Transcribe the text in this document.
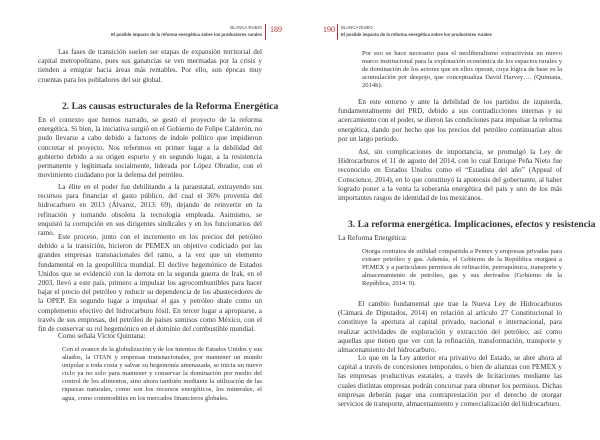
BLANCA RUBIO
El posible impacto de la reforma energética sobre los productores rurales
189

Las fases de transición suelen ser etapas de expansión territorial del capital metropolitano, pues sus ganancias se ven mermadas por la crisis y tienden a emigrar hacia áreas más rentables. Por ello, son épocas muy cruentas para los pobladores del sur global.

2. Las causas estructurales de la Reforma Energética

En el contexto que hemos narrado, se gestó el proyecto de la reforma energética. Si bien, la iniciativa surgió en el Gobierno de Felipe Calderón, no pudo llevarse a cabo debido a factores de índole político que impidieron concretar el proyecto. Nos referimos en primer lugar a la debilidad del gobierno debido a su origen espurio y en segundo lugar, a la resistencia permanente y legitimada socialmente, liderada por López Obrador, con el movimiento ciudadano por la defensa del petróleo.

La élite en el poder fue debilitando a la paraestatal, extrayendo sus recursos para financiar el gasto público, del cual el 36% provenía del hidrocarburo en 2013 (Álvarez, 2013: 69), dejando de reinvertir en la refinación y tornando obsoleta la tecnología empleada. Asimismo, se enquistó la corrupción en sus dirigentes sindicales y en los funcionarios del ramo. Este proceso, junto con el incremento en los precios del petróleo debido a la transición, hicieron de PEMEX un objetivo codiciado por las grandes empresas transnacionales del ramo, a la vez que un elemento fundamental en la geopolítica mundial. El declive hegemónico de Estados Unidos que se evidenció con la derrota en la segunda guerra de Irak, en el 2003, llevó a este país, primero a impulsar los agrocombustibles para hacer bajar el precio del petróleo y reducir su dependencia de los abastecedores de la OPEP. En segundo lugar a impulsar el gas y petróleo shale como un complemento efectivo del hidrocarburo fósil. En tercer lugar a apropiarse, a través de sus empresas, del petróleo de países sumisos como México, con el fin de conservar su rol hegemónico en el dominio del combustible mundial.

Como señala Víctor Quintana:

Con el avance de la globalización y de los intentos de Estados Unidos y sus aliados, la OTAN y empresas transnacionales, por mantener un mundo unipolar a toda costa y salvar su hegemonía amenazada, se inicia un nuevo ciclo ya no solo para mantener y conservar la dominación por medio del control de los alimentos, sino ahora también mediante la utilización de las riquezas naturales, como son los recursos energéticos, los minerales, el agua, como commodities en los mercados financieros globales.

190 BLANCA RUBIO
El posible impacto de la reforma energética sobre los productores rurales

Por eso se hace necesario para el neoliberalismo extractivista un nuevo marco institucional para la explotación económica de los espacios rurales y de dominación de los actores que en ellos operan, cuya lógica de base es la acumulación por despojo, que conceptualiza David Harvey…. (Quintana, 2014b).

En este entorno y ante la debilidad de los partidos de izquierda, fundamentalmente del PRD, debido a sus contradicciones internas y su acercamiento con el poder, se dieron las condiciones para impulsar la reforma energética, dando por hecho que los precios del petróleo continuarían altos por un largo periodo.

Así, sin complicaciones de importancia, se promulgó la Ley de Hidrocarburos el 11 de agosto del 2014, con lo cual Enrique Peña Nieto fue reconocido en Estados Unidos como el “Estadista del año” (Appeal of Conscience, 2014), en lo que constituyó la apoteosis del gobernante, al haber logrado poner a la venta la soberanía energética del país y uno de los más importantes rasgos de identidad de los mexicanos.

3. La reforma energética. Implicaciones, efectos y resistencia

La Reforma Energética:

Otorga contratos de utilidad compartida a Pemex y empresas privadas para extraer petróleo y gas. Además, el Gobierno de la República otorgará a PEMEX y a particulares permisos de refinación, petroquímica, transporte y almacenamiento de petróleo, gas y sus derivados (Gobierno de la República, 2014: 9).

El cambio fundamental que trae la Nueva Ley de Hidrocarburos (Cámara de Diputados, 2014) en relación al artículo 27 Constitucional lo constituye la apertura al capital privado, nacional e internacional, para realizar actividades de exploración y extracción del petróleo, así como aquellas que tienen que ver con la refinación, transformación, transporte y almacenamiento del hidrocarburo.

Lo que en la Ley anterior era privativo del Estado, se abre ahora al capital a través de concesiones temporales, o bien de alianzas con PEMEX y las empresas productivas estatales, a través de licitaciones mediante las cuales distintas empresas podrán concursar para obtener los permisos. Dichas empresas deberán pagar una contraprestación por el derecho de otorgar servicios de transporte, almacenamiento y comercialización del hidrocarburo.
